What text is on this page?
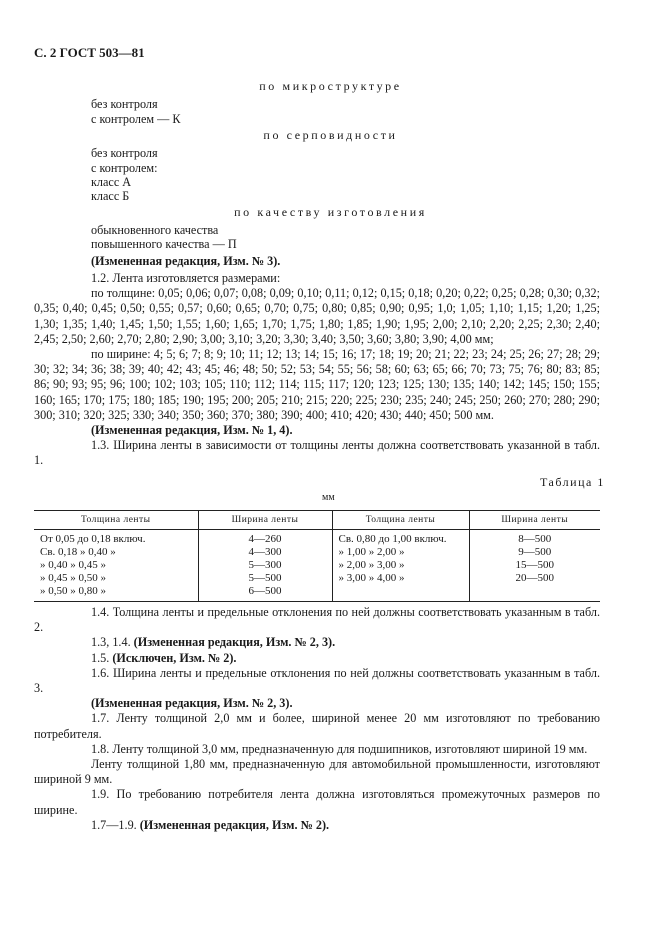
С. 2 ГОСТ 503—81
по микроструктуре
без контроля
с контролем — К
по серповидности
без контроля
с контролем:
класс А
класс Б
по качеству изготовления
обыкновенного качества
повышенного качества — П
(Измененная редакция, Изм. № 3).

1.2. Лента изготовляется размерами:

по толщине: 0,05; 0,06; 0,07; 0,08; 0,09; 0,10; 0,11; 0,12; 0,15; 0,18; 0,20; 0,22; 0,25; 0,28; 0,30; 0,32; 0,35; 0,40; 0,45; 0,50; 0,55; 0,57; 0,60; 0,65; 0,70; 0,75; 0,80; 0,85; 0,90; 0,95; 1,0; 1,05; 1,10; 1,15; 1,20; 1,25; 1,30; 1,35; 1,40; 1,45; 1,50; 1,55; 1,60; 1,65; 1,70; 1,75; 1,80; 1,85; 1,90; 1,95; 2,00; 2,10; 2,20; 2,25; 2,30; 2,40; 2,45; 2,50; 2,60; 2,70; 2,80; 2,90; 3,00; 3,10; 3,20; 3,30; 3,40; 3,50; 3,60; 3,80; 3,90; 4,00 мм;

по ширине: 4; 5; 6; 7; 8; 9; 10; 11; 12; 13; 14; 15; 16; 17; 18; 19; 20; 21; 22; 23; 24; 25; 26; 27; 28; 29; 30; 32; 34; 36; 38; 39; 40; 42; 43; 45; 46; 48; 50; 52; 53; 54; 55; 56; 58; 60; 63; 65; 66; 70; 73; 75; 76; 80; 83; 85; 86; 90; 93; 95; 96; 100; 102; 103; 105; 110; 112; 114; 115; 117; 120; 123; 125; 130; 135; 140; 142; 145; 150; 155; 160; 165; 170; 175; 180; 185; 190; 195; 200; 205; 210; 215; 220; 225; 230; 235; 240; 245; 250; 260; 270; 280; 290; 300; 310; 320; 325; 330; 340; 350; 360; 370; 380; 390; 400; 410; 420; 430; 440; 450; 500 мм.

(Измененная редакция, Изм. № 1, 4).

1.3. Ширина ленты в зависимости от толщины ленты должна соответствовать указанной в табл. 1.

Таблица 1
мм
Толщина ленты	Ширина ленты	Толщина ленты	Ширина ленты
От 0,05 до 0,18 включ.	4—260	Св. 0,80 до 1,00 включ.	8—500
Св. 0,18 » 0,40 »	4—300	» 1,00 » 2,00 »	9—500
» 0,40 » 0,45 »	5—300	» 2,00 » 3,00 »	15—500
» 0,45 » 0,50 »	5—500	» 3,00 » 4,00 »	20—500
» 0,50 » 0,80 »	6—500		

1.4. Толщина ленты и предельные отклонения по ней должны соответствовать указанным в табл. 2.

1.3, 1.4. (Измененная редакция, Изм. № 2, 3).

1.5. (Исключен, Изм. № 2).

1.6. Ширина ленты и предельные отклонения по ней должны соответствовать указанным в табл. 3.

(Измененная редакция, Изм. № 2, 3).

1.7. Ленту толщиной 2,0 мм и более, шириной менее 20 мм изготовляют по требованию потребителя.

1.8. Ленту толщиной 3,0 мм, предназначенную для подшипников, изготовляют шириной 19 мм.

Ленту толщиной 1,80 мм, предназначенную для автомобильной промышленности, изготовляют шириной 9 мм.

1.9. По требованию потребителя лента должна изготовляться промежуточных размеров по ширине.

1.7—1.9. (Измененная редакция, Изм. № 2).
